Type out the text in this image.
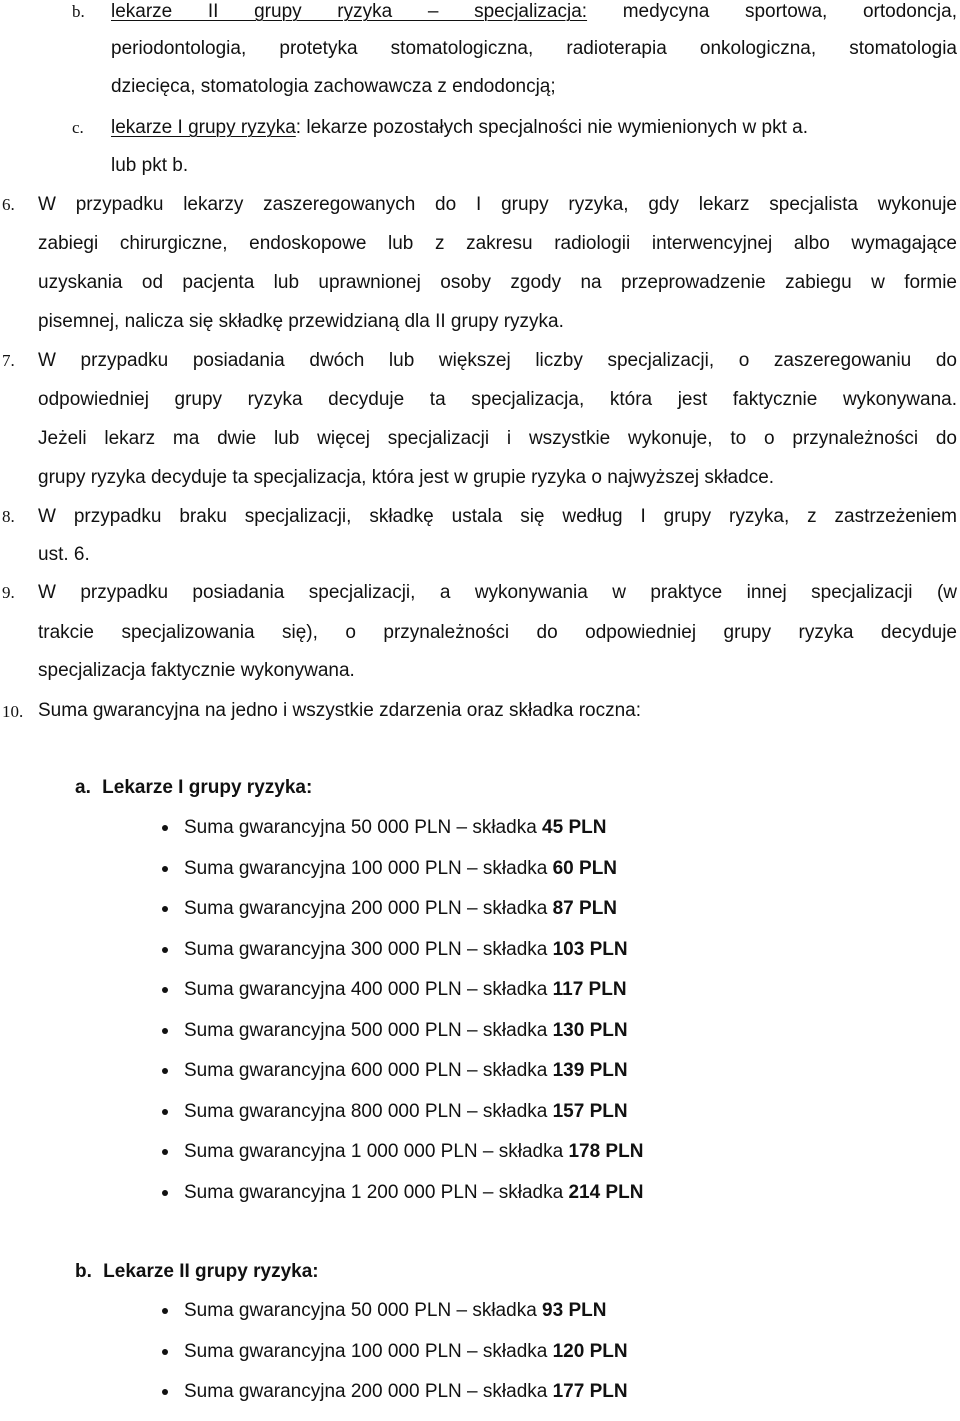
b. lekarze II grupy ryzyka – specjalizacja: medycyna sportowa, ortodoncja,
periodontologia, protetyka stomatologiczna, radioterapia onkologiczna, stomatologia
dziecięca, stomatologia zachowawcza z endodoncją;
c. lekarze I grupy ryzyka: lekarze pozostałych specjalności nie wymienionych w pkt a.
lub pkt b.
6. W przypadku lekarzy zaszeregowanych do I grupy ryzyka, gdy lekarz specjalista wykonuje
zabiegi chirurgiczne, endoskopowe lub z zakresu radiologii interwencyjnej albo wymagające
uzyskania od pacjenta lub uprawnionej osoby zgody na przeprowadzenie zabiegu w formie
pisemnej, nalicza się składkę przewidzianą dla II grupy ryzyka.
7. W przypadku posiadania dwóch lub większej liczby specjalizacji, o zaszeregowaniu do
odpowiedniej grupy ryzyka decyduje ta specjalizacja, która jest faktycznie wykonywana.
Jeżeli lekarz ma dwie lub więcej specjalizacji i wszystkie wykonuje, to o przynależności do
grupy ryzyka decyduje ta specjalizacja, która jest w grupie ryzyka o najwyższej składce.
8. W przypadku braku specjalizacji, składkę ustala się według I grupy ryzyka, z zastrzeżeniem
ust. 6.
9. W przypadku posiadania specjalizacji, a wykonywania w praktyce innej specjalizacji (w
trakcie specjalizowania się), o przynależności do odpowiedniej grupy ryzyka decyduje
specjalizacja faktycznie wykonywana.
10. Suma gwarancyjna na jedno i wszystkie zdarzenia oraz składka roczna:
a. Lekarze I grupy ryzyka:
Suma gwarancyjna 50 000 PLN – składka 45 PLN
Suma gwarancyjna 100 000 PLN – składka 60 PLN
Suma gwarancyjna 200 000 PLN – składka 87 PLN
Suma gwarancyjna 300 000 PLN – składka 103 PLN
Suma gwarancyjna 400 000 PLN – składka 117 PLN
Suma gwarancyjna 500 000 PLN – składka 130 PLN
Suma gwarancyjna 600 000 PLN – składka 139 PLN
Suma gwarancyjna 800 000 PLN – składka 157 PLN
Suma gwarancyjna 1 000 000 PLN – składka 178 PLN
Suma gwarancyjna 1 200 000 PLN – składka 214 PLN
b. Lekarze II grupy ryzyka:
Suma gwarancyjna 50 000 PLN – składka 93 PLN
Suma gwarancyjna 100 000 PLN – składka 120 PLN
Suma gwarancyjna 200 000 PLN – składka 177 PLN
